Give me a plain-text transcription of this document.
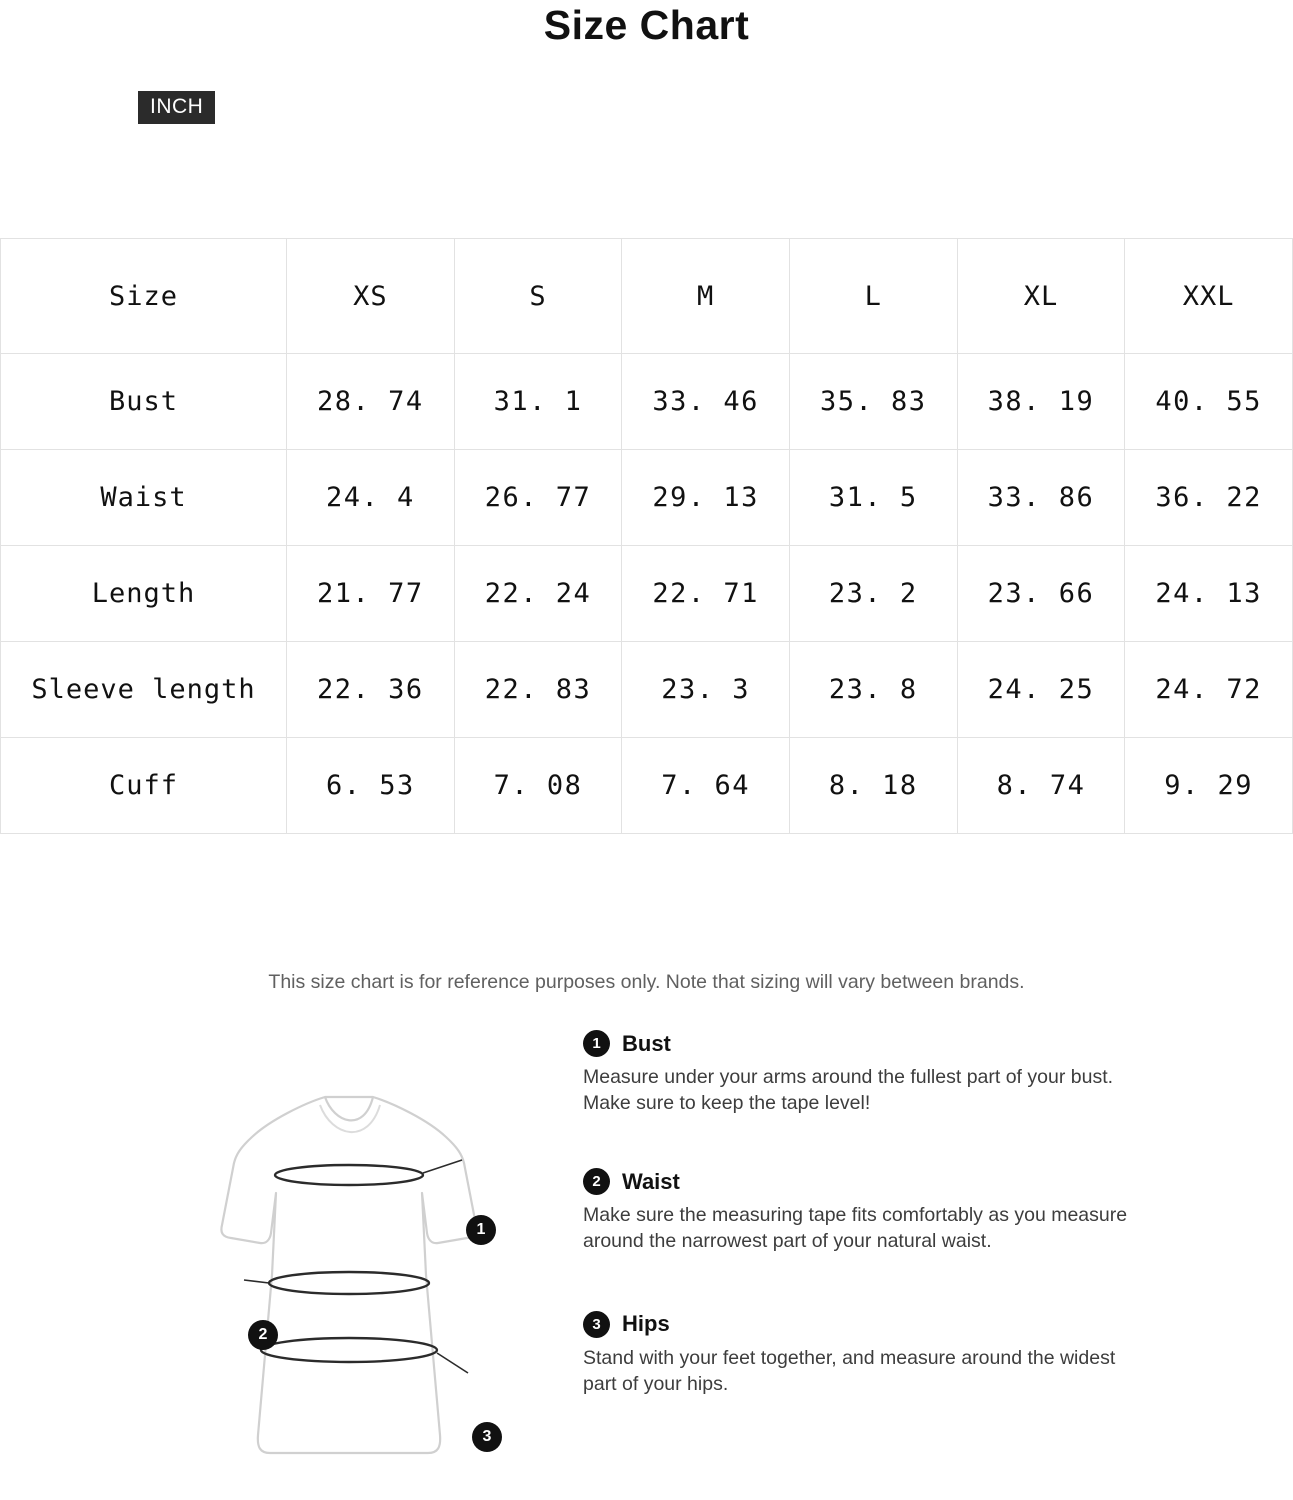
Size Chart
INCH
Size	XS	S	M	L	XL	XXL
Bust	28. 74	31. 1	33. 46	35. 83	38. 19	40. 55
Waist	24. 4	26. 77	29. 13	31. 5	33. 86	36. 22
Length	21. 77	22. 24	22. 71	23. 2	23. 66	24. 13
Sleeve length	22. 36	22. 83	23. 3	23. 8	24. 25	24. 72
Cuff	6. 53	7. 08	7. 64	8. 18	8. 74	9. 29
This size chart is for reference purposes only. Note that sizing will vary between brands.
1
2
3
1 Bust
Measure under your arms around the fullest part of your bust. Make sure to keep the tape level!
2 Waist
Make sure the measuring tape fits comfortably as you measure around the narrowest part of your natural waist.
3 Hips
Stand with your feet together, and measure around the widest part of your hips.
